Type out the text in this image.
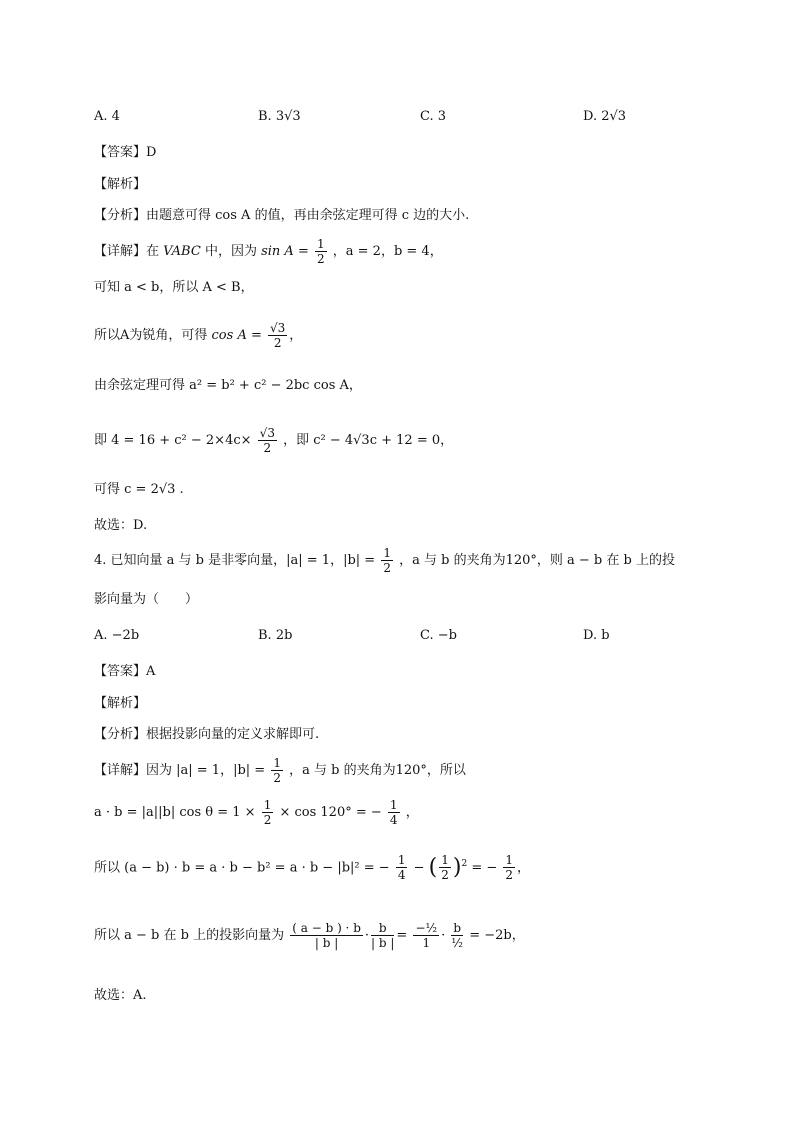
A. 4	B. 3√3	C. 3	D. 2√3
【答案】D
【解析】
【分析】由题意可得 cos A 的值，再由余弦定理可得 c 边的大小.
【详解】在 VABC 中，因为 $\sin A = \frac{1}{2}$ ，a = 2，b = 4，
可知 a < b，所以 A < B，
所以A为锐角，可得 $\cos A = \frac{√3}{2}$ ，
由余弦定理可得 a² = b² + c² − 2bc cos A，
即 $4 = 16 + c^2 - 2\times 4c\times \frac{√3}{2}$ ，即 c² − 4√3c + 12 = 0，
可得 c = 2√3 .
故选：D.
4. 已知向量 a 与 b 是非零向量，|a| = 1，$|b| = \frac{1}{2}$ ，a 与 b 的夹角为120°，则 a − b 在 b 上的投
影向量为（　　）
A. −2b	B. 2b	C. −b	D. b
【答案】A
【解析】
【分析】根据投影向量的定义求解即可.
【详解】因为 |a| = 1，$|b| = \frac{1}{2}$ ，a 与 b 的夹角为120°，所以
a · b = |a||b| $\cos \theta = 1 \times \frac{1}{2} \times \cos 120^\circ$ = − $\frac{1}{4}$ ，
所以 (a − b) · b = a · b − b² = a · b − |b|² = − $\frac{1}{4}$ − ( $\frac{1}{2} )^2$ = − $\frac{1}{2}$ ，
所以 a − b 在 b 上的投影向量为 $\frac{( a - b ) \cdot b}{| b |} \cdot \frac{b}{| b |} = \frac{\text{−½}}{1} \cdot \frac{b}{\text{½}} = -2b$，
故选：A.
